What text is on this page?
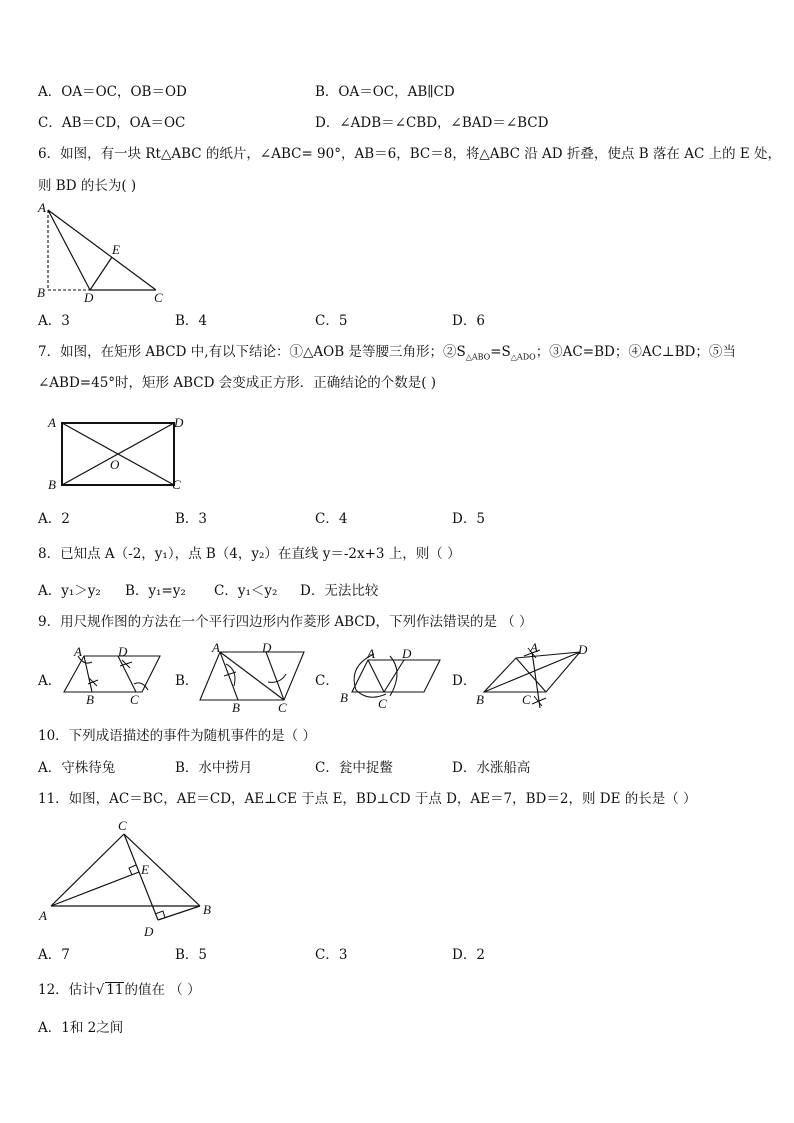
A．OA＝OC，OB＝OD	B．OA＝OC，AB∥CD
C．AB＝CD，OA＝OC	D．∠ADB＝∠CBD，∠BAD＝∠BCD
6．如图，有一块 Rt△ABC 的纸片，∠ABC= 90°，AB＝6，BC＝8，将△ABC 沿 AD 折叠，使点 B 落在 AC 上的 E 处，
则 BD 的长为( )
A
E
B	D	C
A．3	B．4	C．5	D．6
7．如图，在矩形 ABCD 中,有以下结论：①△AOB 是等腰三角形；$②S_{\triangle ABO}=S_{\triangle ADO}$；③AC=BD；④AC⊥BD；⑤当
∠ABD=45°时，矩形 ABCD 会变成正方形．正确结论的个数是( )
A	D
O
B	C
A．2	B．3	C．4	D．5
8．已知点 A（-2，y₁），点 B（4，y₂）在直线 y＝-2x+3 上，则（ ）
A．y₁＞y₂ B．y₁=y₂ C．y₁＜y₂ D．无法比较
9．用尺规作图的方法在一个平行四边形内作菱形 ABCD，下列作法错误的是 （ ）
A．
A	D
B	C
B．
A	D
B	C
C．
A D
B C
D．
A	D
B	C
10．下列成语描述的事件为随机事件的是（ ）
A．守株待兔	B．水中捞月	C．瓮中捉鳖	D．水涨船高
11．如图，AC＝BC，AE＝CD，AE⊥CE 于点 E，BD⊥CD 于点 D，AE＝7，BD＝2，则 DE 的长是（ ）
C
E
A	B
D
A．7	B．5	C．3	D．2
12．估计√ 11的值在 （ ）
A．1和 2之间
